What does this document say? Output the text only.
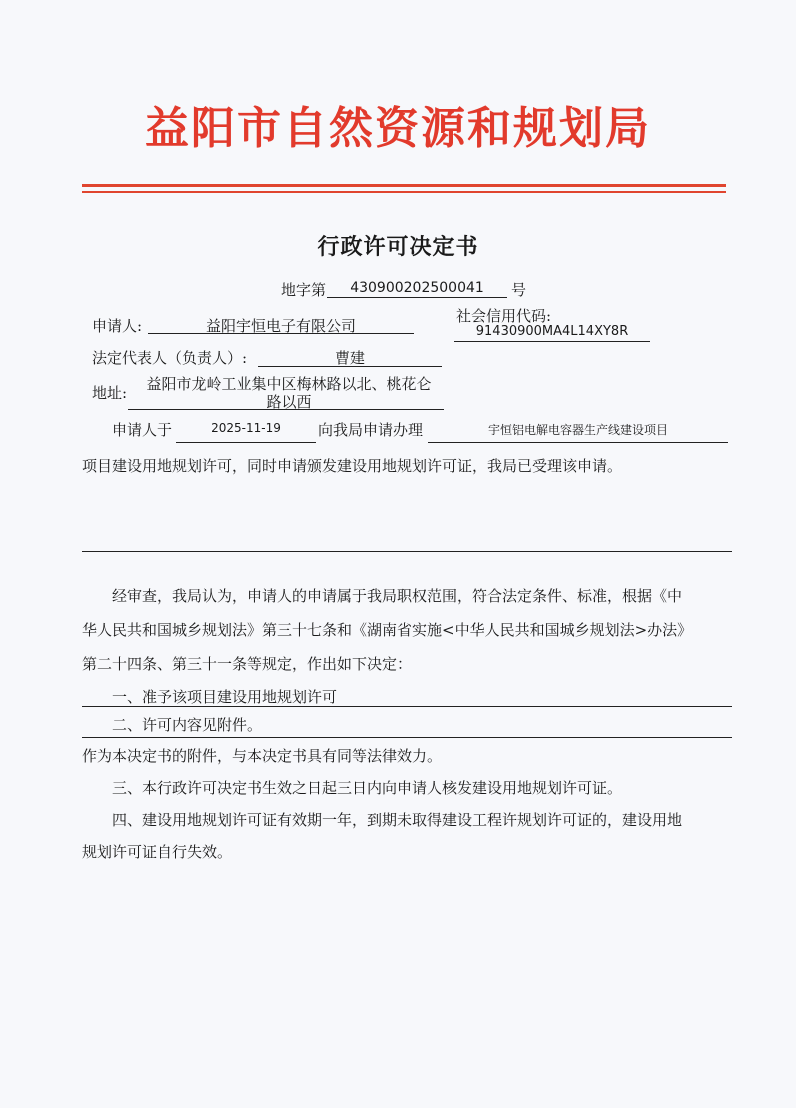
益阳市自然资源和规划局
行政许可决定书
地字第	430900202500041	号
申请人:	益阳宇恒电子有限公司
社会信用代码:
91430900MA4L14XY8R
法定代表人（负责人）:	曹建
地址:	益阳市龙岭工业集中区梅林路以北、桃花仑
路以西
申请人于	2025-11-19	向我局申请办理	宇恒铝电解电容器生产线建设项目
项目建设用地规划许可，同时申请颁发建设用地规划许可证，我局已受理该申请。
经审查，我局认为，申请人的申请属于我局职权范围，符合法定条件、标准，根据《中
华人民共和国城乡规划法》第三十七条和《湖南省实施<中华人民共和国城乡规划法>办法》
第二十四条、第三十一条等规定，作出如下决定：
一、准予该项目建设用地规划许可
二、许可内容见附件。
作为本决定书的附件，与本决定书具有同等法律效力。
三、本行政许可决定书生效之日起三日内向申请人核发建设用地规划许可证。
四、建设用地规划许可证有效期一年，到期未取得建设工程许规划许可证的，建设用地
规划许可证自行失效。
